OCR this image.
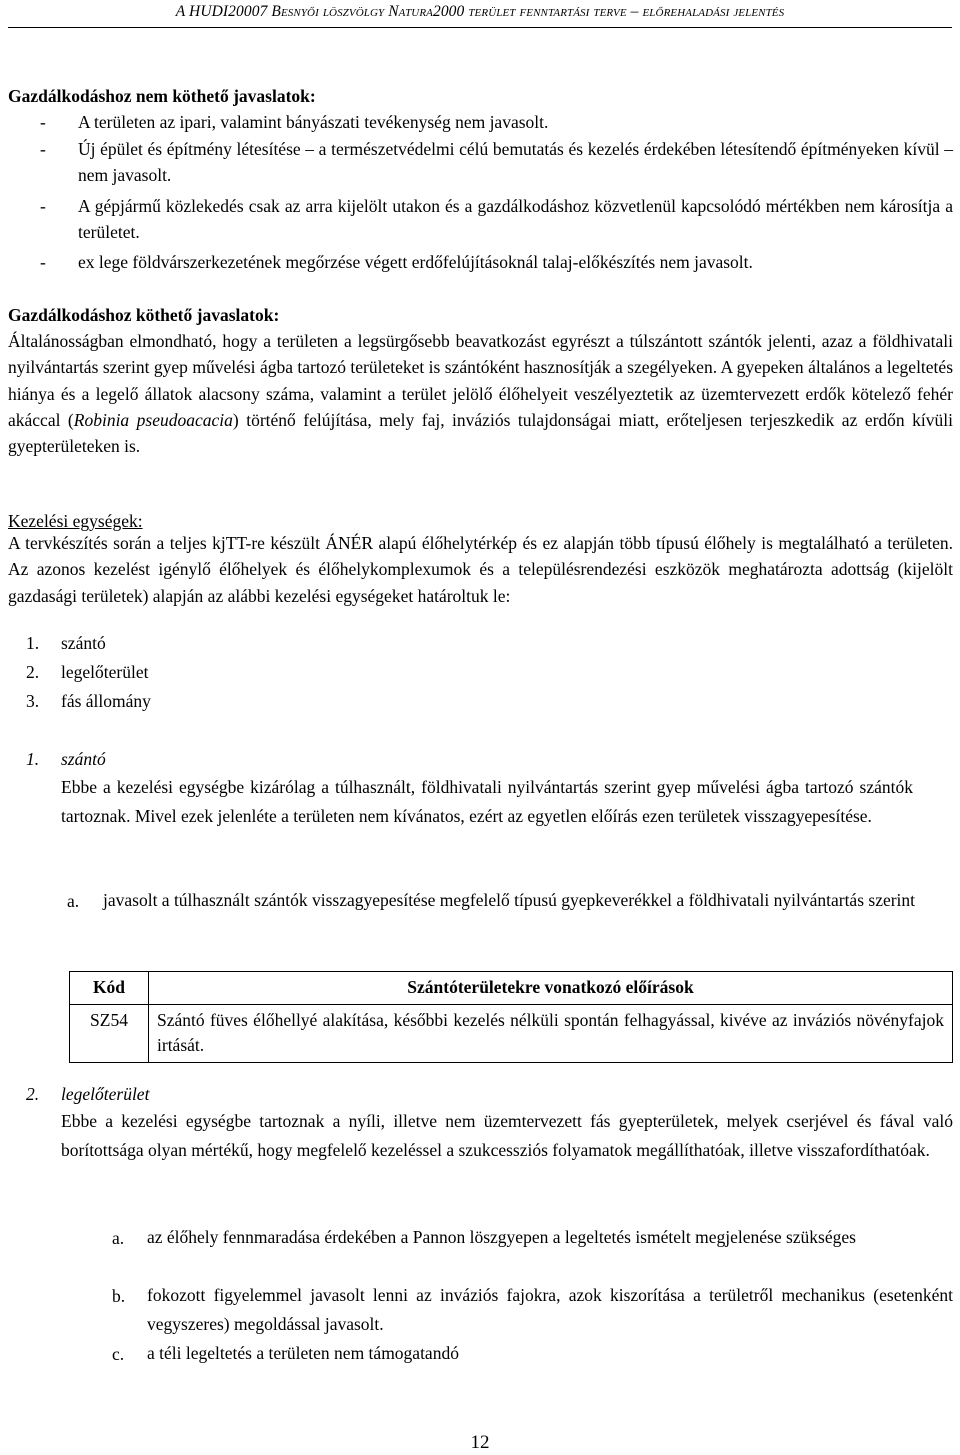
A HUDI20007 Besnyői löszvölgy Natura2000 terület fenntartási terve – előrehaladási jelentés

Gazdálkodáshoz nem köthető javaslatok:

- A területen az ipari, valamint bányászati tevékenység nem javasolt.

- Új épület és építmény létesítése – a természetvédelmi célú bemutatás és kezelés érdekében létesítendő építményeken kívül – nem javasolt.

- A gépjármű közlekedés csak az arra kijelölt utakon és a gazdálkodáshoz közvetlenül kapcsolódó mértékben nem károsítja a területet.

- ex lege földvárszerkezetének megőrzése végett erdőfelújításoknál talaj-előkészítés nem javasolt.

Gazdálkodáshoz köthető javaslatok:

Általánosságban elmondható, hogy a területen a legsürgősebb beavatkozást egyrészt a túlszántott szántók jelenti, azaz a földhivatali nyilvántartás szerint gyep művelési ágba tartozó területeket is szántóként hasznosítják a szegélyeken. A gyepeken általános a legeltetés hiánya és a legelő állatok alacsony száma, valamint a terület jelölő élőhelyeit veszélyeztetik az üzemtervezett erdők kötelező fehér akáccal (Robinia pseudoacacia) történő felújítása, mely faj, inváziós tulajdonságai miatt, erőteljesen terjeszkedik az erdőn kívüli gyepterületeken is.

Kezelési egységek:

A tervkészítés során a teljes kjTT-re készült ÁNÉR alapú élőhelytérkép és ez alapján több típusú élőhely is megtalálható a területen. Az azonos kezelést igénylő élőhelyek és élőhelykomplexumok és a településrendezési eszközök meghatározta adottság (kijelölt gazdasági területek) alapján az alábbi kezelési egységeket határoltuk le:

1. szántó
2. legelőterület
3. fás állomány
1. szántó

Ebbe a kezelési egységbe kizárólag a túlhasznált, földhivatali nyilvántartás szerint gyep művelési ágba tartozó szántók tartoznak. Mivel ezek jelenléte a területen nem kívánatos, ezért az egyetlen előírás ezen területek visszagyepesítése.

a. javasolt a túlhasznált szántók visszagyepesítése megfelelő típusú gyepkeverékkel a földhivatali nyilvántartás szerint

Kód	Szántóterületekre vonatkozó előírások
SZ54	Szántó füves élőhellyé alakítása, későbbi kezelés nélküli spontán felhagyással, kivéve az inváziós növényfajok irtását.
2. legelőterület

Ebbe a kezelési egységbe tartoznak a nyíli, illetve nem üzemtervezett fás gyepterületek, melyek cserjével és fával való borítottsága olyan mértékű, hogy megfelelő kezeléssel a szukcessziós folyamatok megállíthatóak, illetve visszafordíthatóak.

a. az élőhely fennmaradása érdekében a Pannon löszgyepen a legeltetés ismételt megjelenése szükséges

b. fokozott figyelemmel javasolt lenni az inváziós fajokra, azok kiszorítása a területről mechanikus (esetenként vegyszeres) megoldással javasolt.

c. a téli legeltetés a területen nem támogatandó

12
